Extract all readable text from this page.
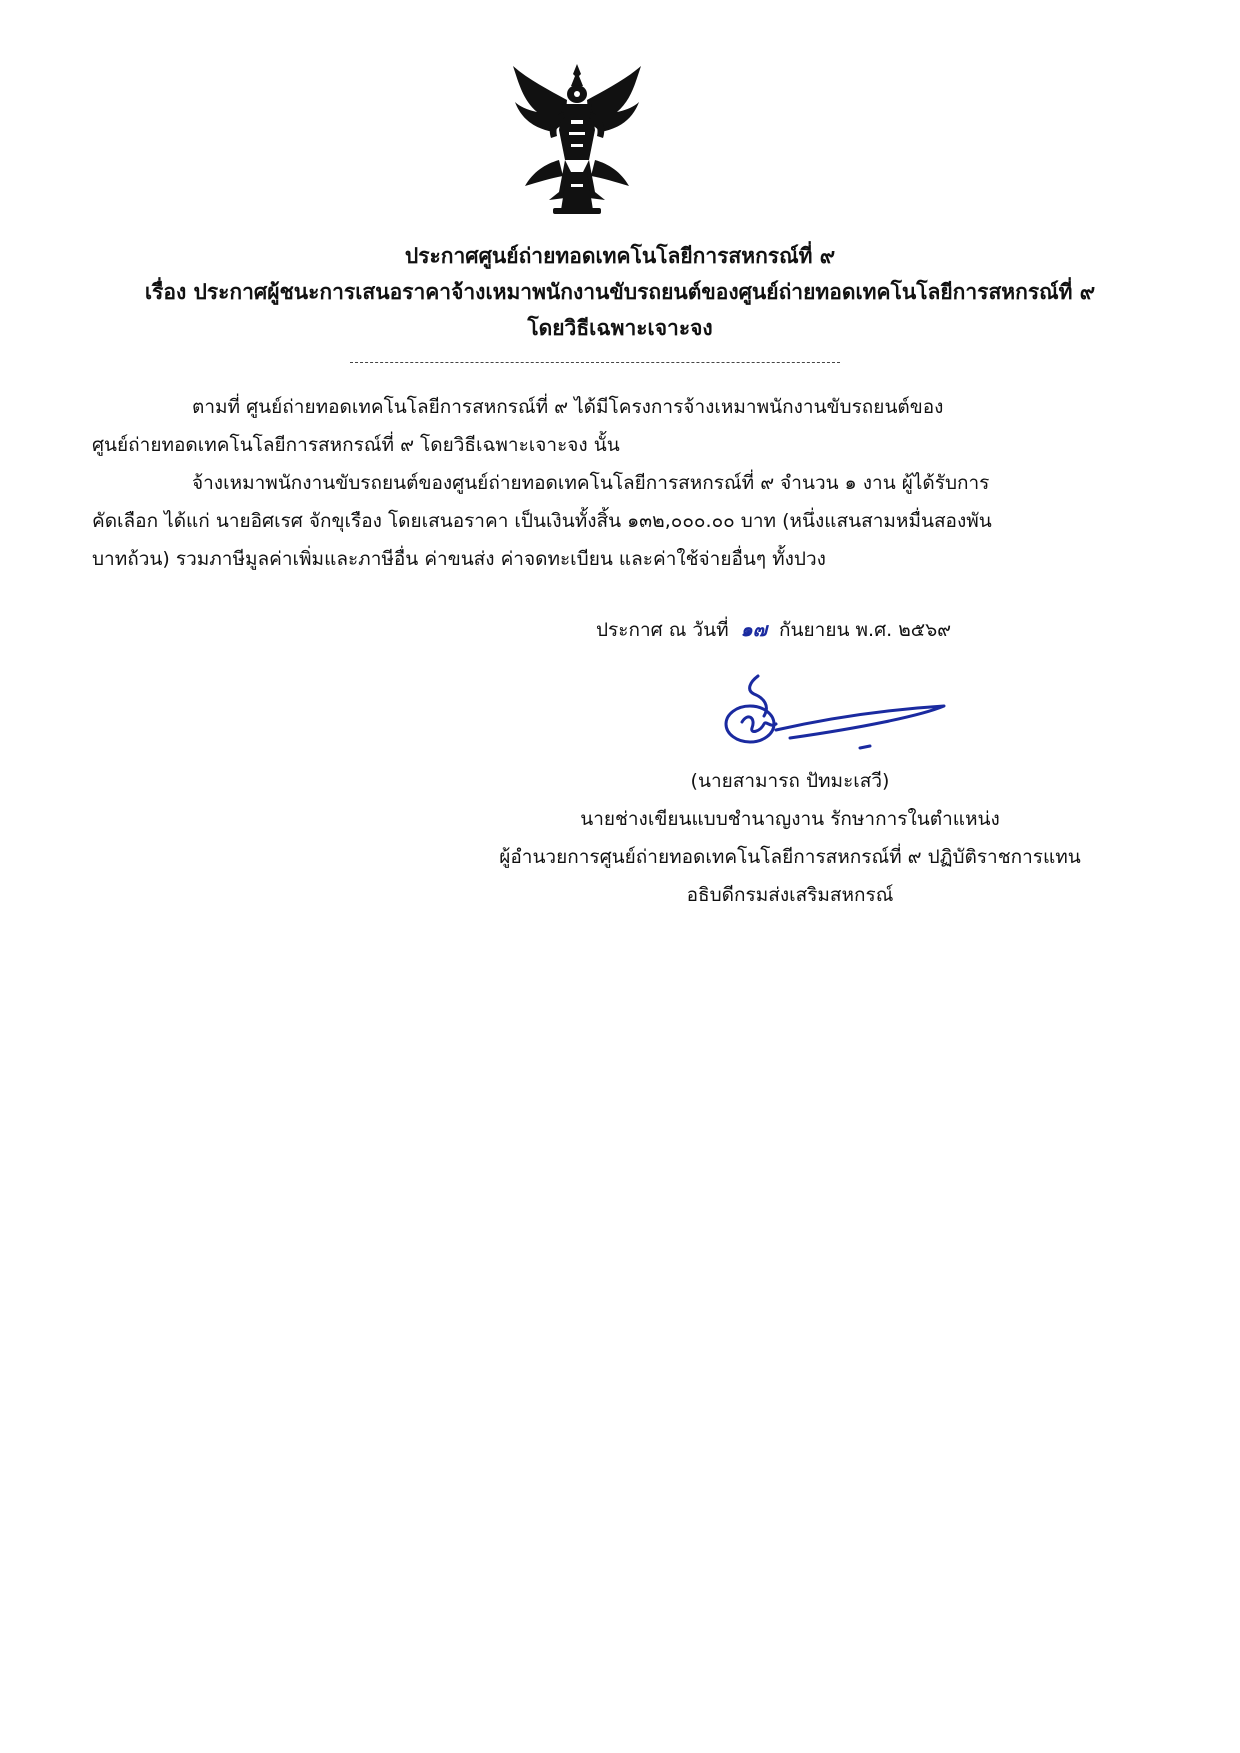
ประกาศศูนย์ถ่ายทอดเทคโนโลยีการสหกรณ์ที่ ๙
เรื่อง ประกาศผู้ชนะการเสนอราคาจ้างเหมาพนักงานขับรถยนต์ของศูนย์ถ่ายทอดเทคโนโลยีการสหกรณ์ที่ ๙
โดยวิธีเฉพาะเจาะจง
ตามที่ ศูนย์ถ่ายทอดเทคโนโลยีการสหกรณ์ที่ ๙ ได้มีโครงการจ้างเหมาพนักงานขับรถยนต์ของ
ศูนย์ถ่ายทอดเทคโนโลยีการสหกรณ์ที่ ๙ โดยวิธีเฉพาะเจาะจง นั้น
จ้างเหมาพนักงานขับรถยนต์ของศูนย์ถ่ายทอดเทคโนโลยีการสหกรณ์ที่ ๙ จำนวน ๑ งาน ผู้ได้รับการ
คัดเลือก ได้แก่ นายอิศเรศ จักขุเรือง โดยเสนอราคา เป็นเงินทั้งสิ้น ๑๓๒,๐๐๐.๐๐ บาท (หนึ่งแสนสามหมื่นสองพัน
บาทถ้วน) รวมภาษีมูลค่าเพิ่มและภาษีอื่น ค่าขนส่ง ค่าจดทะเบียน และค่าใช้จ่ายอื่นๆ ทั้งปวง
ประกาศ ณ วันที่ ๑๗ กันยายน พ.ศ. ๒๕๖๙
(นายสามารถ ปัทมะเสวี)
นายช่างเขียนแบบชำนาญงาน รักษาการในตำแหน่ง
ผู้อำนวยการศูนย์ถ่ายทอดเทคโนโลยีการสหกรณ์ที่ ๙ ปฏิบัติราชการแทน
อธิบดีกรมส่งเสริมสหกรณ์
